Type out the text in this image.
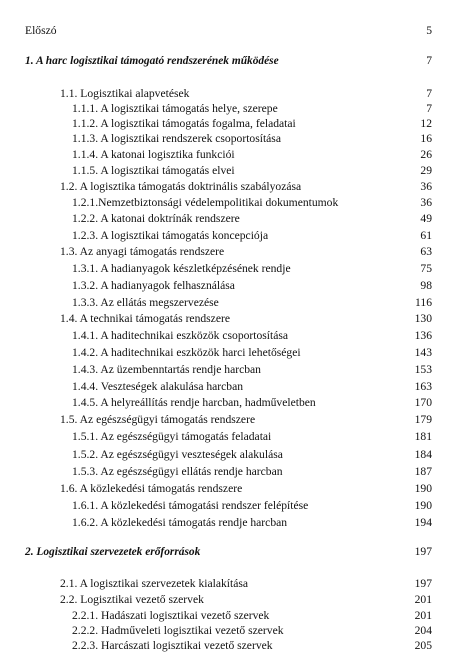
Előszó	5
1. A harc logisztikai támogató rendszerének működése	7
1.1. Logisztikai alapvetések	7
1.1.1. A logisztikai támogatás helye, szerepe	7
1.1.2. A logisztikai támogatás fogalma, feladatai	12
1.1.3. A logisztikai rendszerek csoportosítása	16
1.1.4. A katonai logisztika funkciói	26
1.1.5. A logisztikai támogatás elvei	29
1.2. A logisztika támogatás doktrinális szabályozása	36
1.2.1.Nemzetbiztonsági védelempolitikai dokumentumok	36
1.2.2. A katonai doktrínák rendszere	49
1.2.3. A logisztikai támogatás koncepciója	61
1.3. Az anyagi támogatás rendszere	63
1.3.1. A hadianyagok készletképzésének rendje	75
1.3.2. A hadianyagok felhasználása	98
1.3.3. Az ellátás megszervezése	116
1.4. A technikai támogatás rendszere	130
1.4.1. A haditechnikai eszközök csoportosítása	136
1.4.2. A haditechnikai eszközök harci lehetőségei	143
1.4.3. Az üzembenntartás rendje harcban	153
1.4.4. Veszteségek alakulása harcban	163
1.4.5. A helyreállítás rendje harcban, hadműveletben	170
1.5. Az egészségügyi támogatás rendszere	179
1.5.1. Az egészségügyi támogatás feladatai	181
1.5.2. Az egészségügyi veszteségek alakulása	184
1.5.3. Az egészségügyi ellátás rendje harcban	187
1.6. A közlekedési támogatás rendszere	190
1.6.1. A közlekedési támogatási rendszer felépítése	190
1.6.2. A közlekedési támogatás rendje harcban	194
2. Logisztikai szervezetek erőforrások	197
2.1. A logisztikai szervezetek kialakítása	197
2.2. Logisztikai vezető szervek	201
2.2.1. Hadászati logisztikai vezető szervek	201
2.2.2. Hadműveleti logisztikai vezető szervek	204
2.2.3. Harcászati logisztikai vezető szervek	205
